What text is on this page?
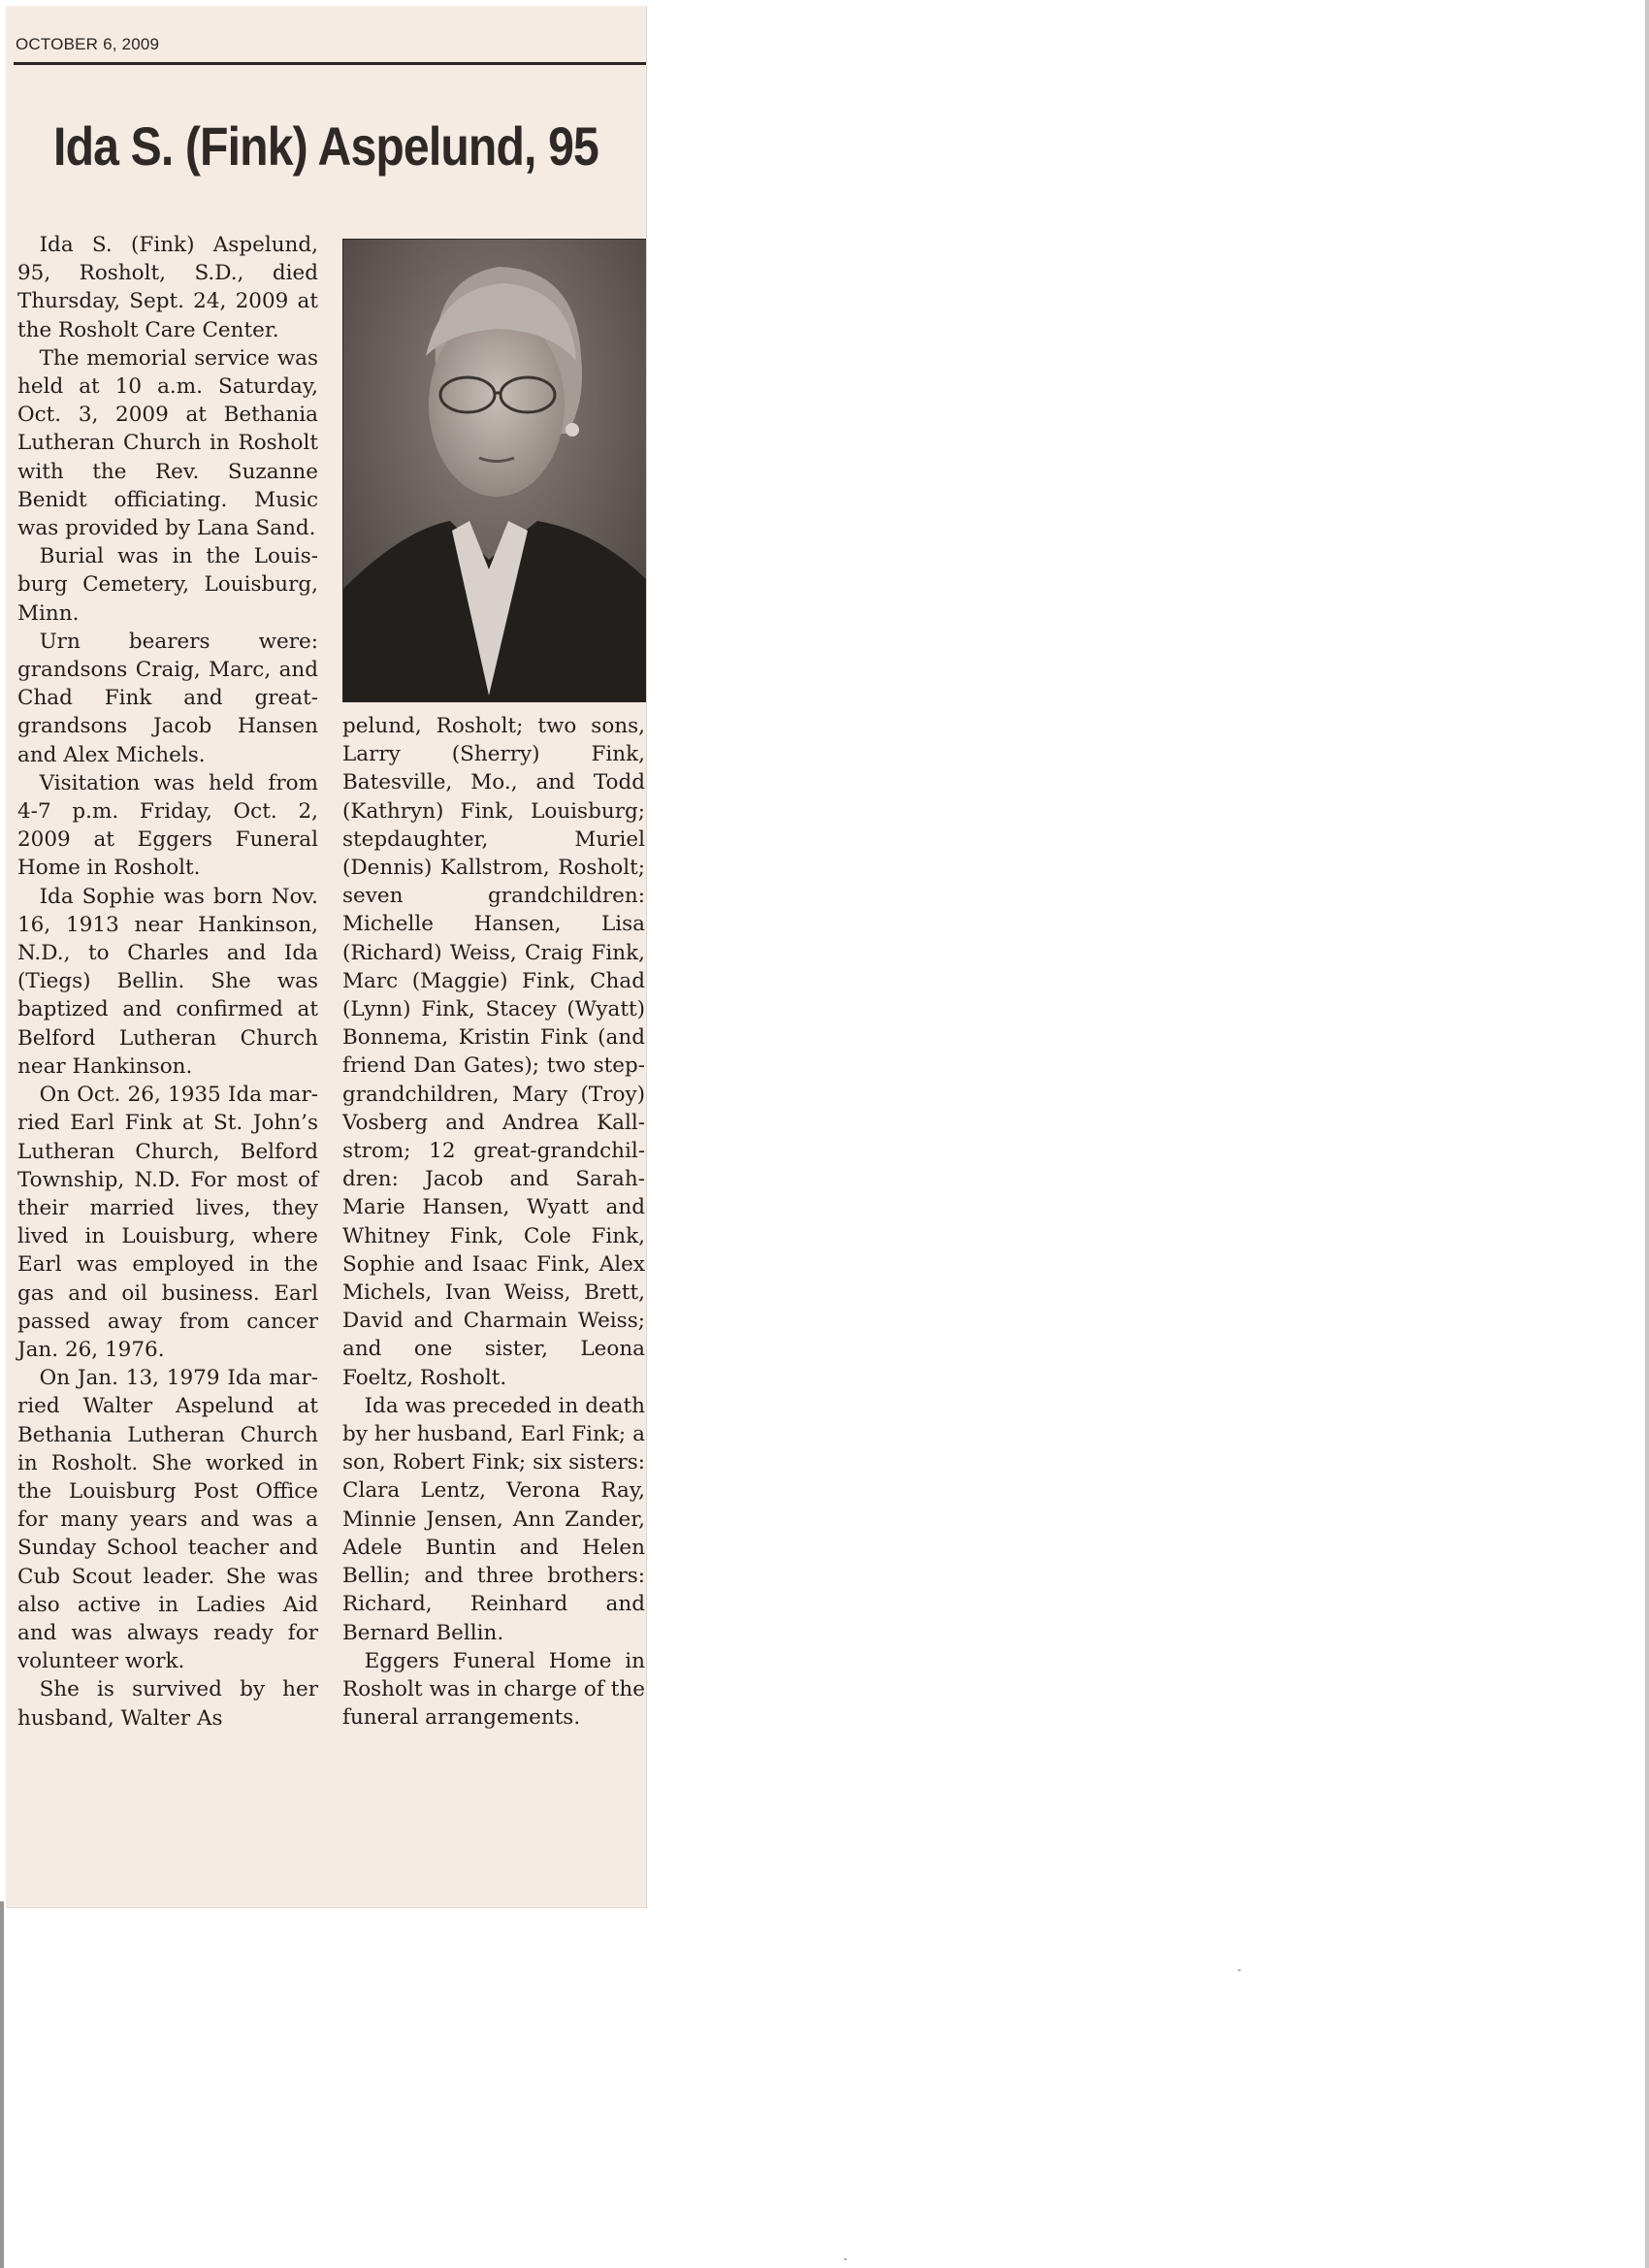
OCTOBER 6, 2009
Ida S. (Fink) Aspelund, 95

Ida S. (Fink) Aspelund, 95, Rosholt, S.D., died Thursday, Sept. 24, 2009 at the Rosholt Care Center.

The memorial service was held at 10 a.m. Saturday, Oct. 3, 2009 at Bethania Lutheran Church in Rosholt with the Rev. Suzanne Benidt officiating. Music was provided by Lana Sand.

Burial was in the Louisburg Cemetery, Louisburg, Minn.

Urn bearers were: grandsons Craig, Marc, and Chad Fink and great-grandsons Jacob Hansen and Alex Michels.

Visitation was held from 4-7 p.m. Friday, Oct. 2, 2009 at Eggers Funeral Home in Rosholt.

Ida Sophie was born Nov. 16, 1913 near Hankinson, N.D., to Charles and Ida (Tiegs) Bellin. She was baptized and confirmed at Belford Lutheran Church near Hankinson.

On Oct. 26, 1935 Ida married Earl Fink at St. John’s Lutheran Church, Belford Township, N.D. For most of their married lives, they lived in Louisburg, where Earl was employed in the gas and oil business. Earl passed away from cancer Jan. 26, 1976.

On Jan. 13, 1979 Ida married Walter Aspelund at Bethania Lutheran Church in Rosholt. She worked in the Louisburg Post Office for many years and was a Sunday School teacher and Cub Scout leader. She was also active in Ladies Aid and was always ready for volunteer work.

She is survived by her husband, Walter As

pelund, Rosholt; two sons, Larry (Sherry) Fink, Batesville, Mo., and Todd (Kathryn) Fink, Louisburg; stepdaughter, Muriel (Dennis) Kallstrom, Rosholt; seven grandchildren: Michelle Hansen, Lisa (Richard) Weiss, Craig Fink, Marc (Maggie) Fink, Chad (Lynn) Fink, Stacey (Wyatt) Bonnema, Kristin Fink (and friend Dan Gates); two step-grandchildren, Mary (Troy) Vosberg and Andrea Kallstrom; 12 great-grandchildren: Jacob and Sarah-Marie Hansen, Wyatt and Whitney Fink, Cole Fink, Sophie and Isaac Fink, Alex Michels, Ivan Weiss, Brett, David and Charmain Weiss; and one sister, Leona Foeltz, Rosholt.

Ida was preceded in death by her husband, Earl Fink; a son, Robert Fink; six sisters: Clara Lentz, Verona Ray, Minnie Jensen, Ann Zander, Adele Buntin and Helen Bellin; and three brothers: Richard, Reinhard and Bernard Bellin.

Eggers Funeral Home in Rosholt was in charge of the funeral arrangements.
